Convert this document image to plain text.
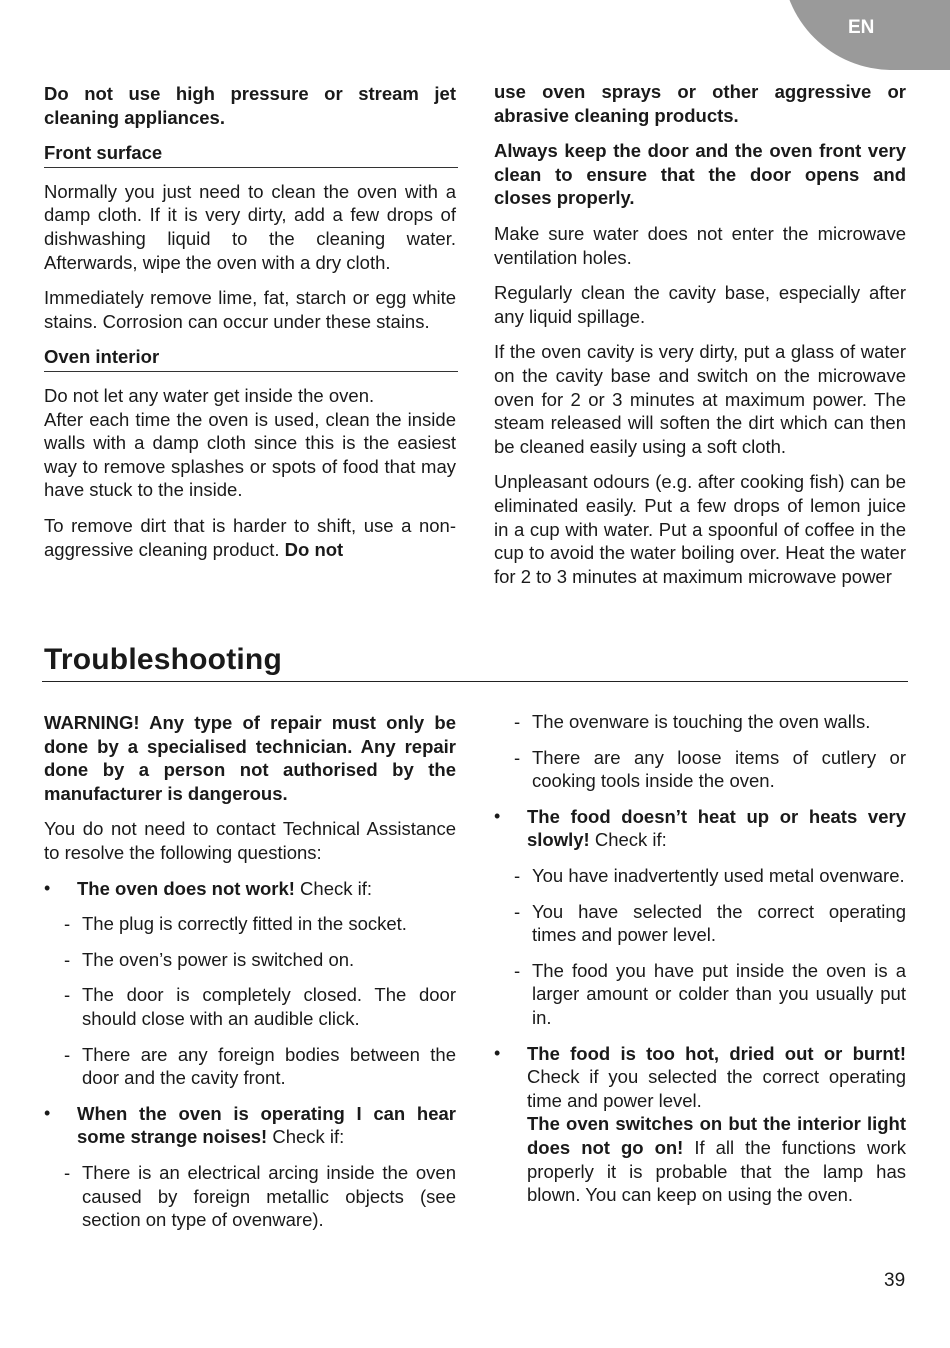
EN

Do not use high pressure or stream jet cleaning appliances.

Front surface

Normally you just need to clean the oven with a damp cloth. If it is very dirty, add a few drops of dishwashing liquid to the cleaning water. Afterwards, wipe the oven with a dry cloth.

Immediately remove lime, fat, starch or egg white stains. Corrosion can occur under these stains.

Oven interior

Do not let any water get inside the oven.

After each time the oven is used, clean the inside walls with a damp cloth since this is the easiest way to remove splashes or spots of food that may have stuck to the inside.

To remove dirt that is harder to shift, use a non-aggressive cleaning product. Do not

use oven sprays or other aggressive or abrasive cleaning products.

Always keep the door and the oven front very clean to ensure that the door opens and closes properly.

Make sure water does not enter the microwave ventilation holes.

Regularly clean the cavity base, especially after any liquid spillage.

If the oven cavity is very dirty, put a glass of water on the cavity base and switch on the microwave oven for 2 or 3 minutes at maximum power. The steam released will soften the dirt which can then be cleaned easily using a soft cloth.

Unpleasant odours (e.g. after cooking fish) can be eliminated easily. Put a few drops of lemon juice in a cup with water. Put a spoonful of coffee in the cup to avoid the water boiling over. Heat the water for 2 to 3 minutes at maximum microwave power

Troubleshooting

WARNING! Any type of repair must only be done by a specialised technician. Any repair done by a person not authorised by the manufacturer is dangerous.

You do not need to contact Technical Assistance to resolve the following questions:

• The oven does not work! Check if:
- The plug is correctly fitted in the socket.
- The oven’s power is switched on.
- The door is completely closed. The door should close with an audible click.
- There are any foreign bodies between the door and the cavity front.
• When the oven is operating I can hear some strange noises! Check if:
- There is an electrical arcing inside the oven caused by foreign metallic objects (see section on type of ovenware).
- The ovenware is touching the oven walls.
- There are any loose items of cutlery or cooking tools inside the oven.
• The food doesn’t heat up or heats very slowly! Check if:
- You have inadvertently used metal ovenware.
- You have selected the correct operating times and power level.
- The food you have put inside the oven is a larger amount or colder than you usually put in.
• The food is too hot, dried out or burnt! Check if you selected the correct operating time and power level.
The oven switches on but the interior light does not go on! If all the functions work properly it is probable that the lamp has blown. You can keep on using the oven.
39
